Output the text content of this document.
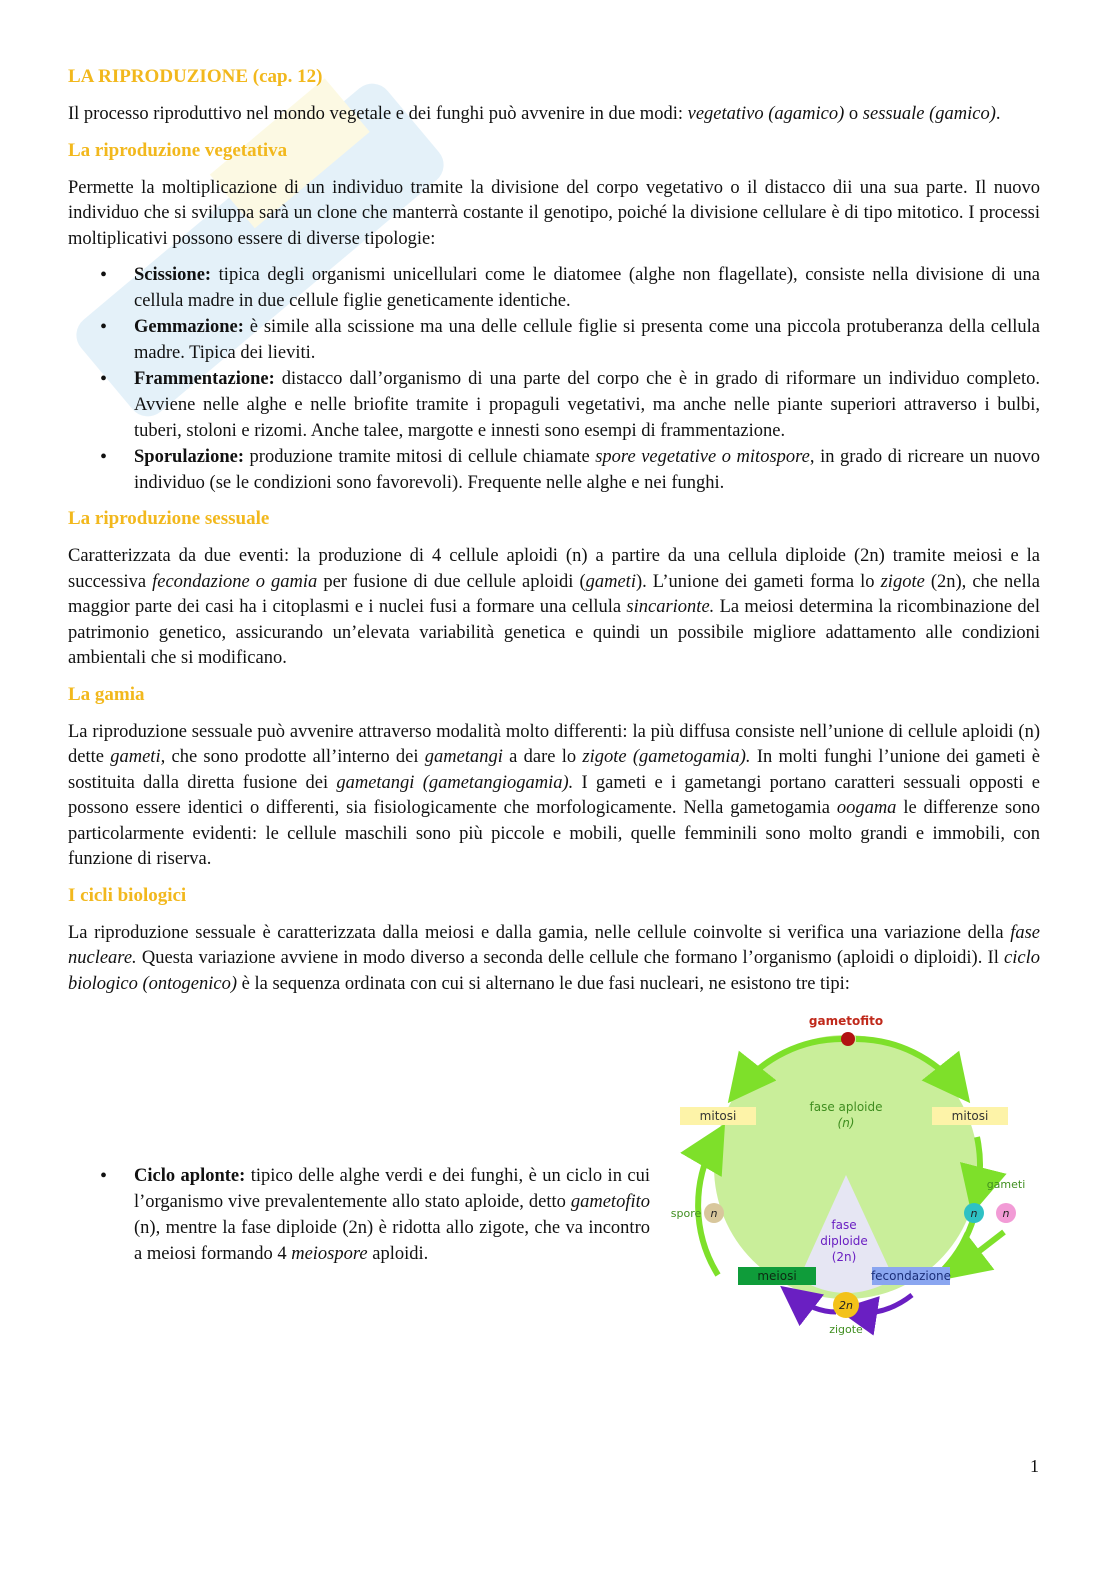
LA RIPRODUZIONE (cap. 12)

Il processo riproduttivo nel mondo vegetale e dei funghi può avvenire in due modi: vegetativo (agamico) o sessuale (gamico).

La riproduzione vegetativa

Permette la moltiplicazione di un individuo tramite la divisione del corpo vegetativo o il distacco dii una sua parte. Il nuovo individuo che si sviluppa sarà un clone che manterrà costante il genotipo, poiché la divisione cellulare è di tipo mitotico. I processi moltiplicativi possono essere di diverse tipologie:

• Scissione: tipica degli organismi unicellulari come le diatomee (alghe non flagellate), consiste nella divisione di una cellula madre in due cellule figlie geneticamente identiche.
• Gemmazione: è simile alla scissione ma una delle cellule figlie si presenta come una piccola protuberanza della cellula madre. Tipica dei lieviti.
• Frammentazione: distacco dall’organismo di una parte del corpo che è in grado di riformare un individuo completo. Avviene nelle alghe e nelle briofite tramite i propaguli vegetativi, ma anche nelle piante superiori attraverso i bulbi, tuberi, stoloni e rizomi. Anche talee, margotte e innesti sono esempi di frammentazione.
• Sporulazione: produzione tramite mitosi di cellule chiamate spore vegetative o mitospore, in grado di ricreare un nuovo individuo (se le condizioni sono favorevoli). Frequente nelle alghe e nei funghi.
La riproduzione sessuale

Caratterizzata da due eventi: la produzione di 4 cellule aploidi (n) a partire da una cellula diploide (2n) tramite meiosi e la successiva fecondazione o gamia per fusione di due cellule aploidi (gameti). L’unione dei gameti forma lo zigote (2n), che nella maggior parte dei casi ha i citoplasmi e i nuclei fusi a formare una cellula sincarionte. La meiosi determina la ricombinazione del patrimonio genetico, assicurando un’elevata variabilità genetica e quindi un possibile migliore adattamento alle condizioni ambientali che si modificano.

La gamia

La riproduzione sessuale può avvenire attraverso modalità molto differenti: la più diffusa consiste nell’unione di cellule aploidi (n) dette gameti, che sono prodotte all’interno dei gametangi a dare lo zigote (gametogamia). In molti funghi l’unione dei gameti è sostituita dalla diretta fusione dei gametangi (gametangiogamia). I gameti e i gametangi portano caratteri sessuali opposti e possono essere identici o differenti, sia fisiologicamente che morfologicamente. Nella gametogamia oogama le differenze sono particolarmente evidenti: le cellule maschili sono più piccole e mobili, quelle femminili sono molto grandi e immobili, con funzione di riserva.

I cicli biologici

La riproduzione sessuale è caratterizzata dalla meiosi e dalla gamia, nelle cellule coinvolte si verifica una variazione della fase nucleare. Questa variazione avviene in modo diverso a seconda delle cellule che formano l’organismo (aploidi o diploidi). Il ciclo biologico (ontogenico) è la sequenza ordinata con cui si alternano le due fasi nucleari, ne esistono tre tipi:

• Ciclo aplonte: tipico delle alghe verdi e dei funghi, è un ciclo in cui l’organismo vive prevalentemente allo stato aploide, detto gametofito (n), mentre la fase diploide (2n) è ridotta allo zigote, che va incontro a meiosi formando 4 meiospore aploidi.
gametofito
mitosi	mitosi
fase aploide
(n)
fase
diploide
(2n)
gameti
n n
spore n
meiosi	fecondazione
2n
zigote
1
